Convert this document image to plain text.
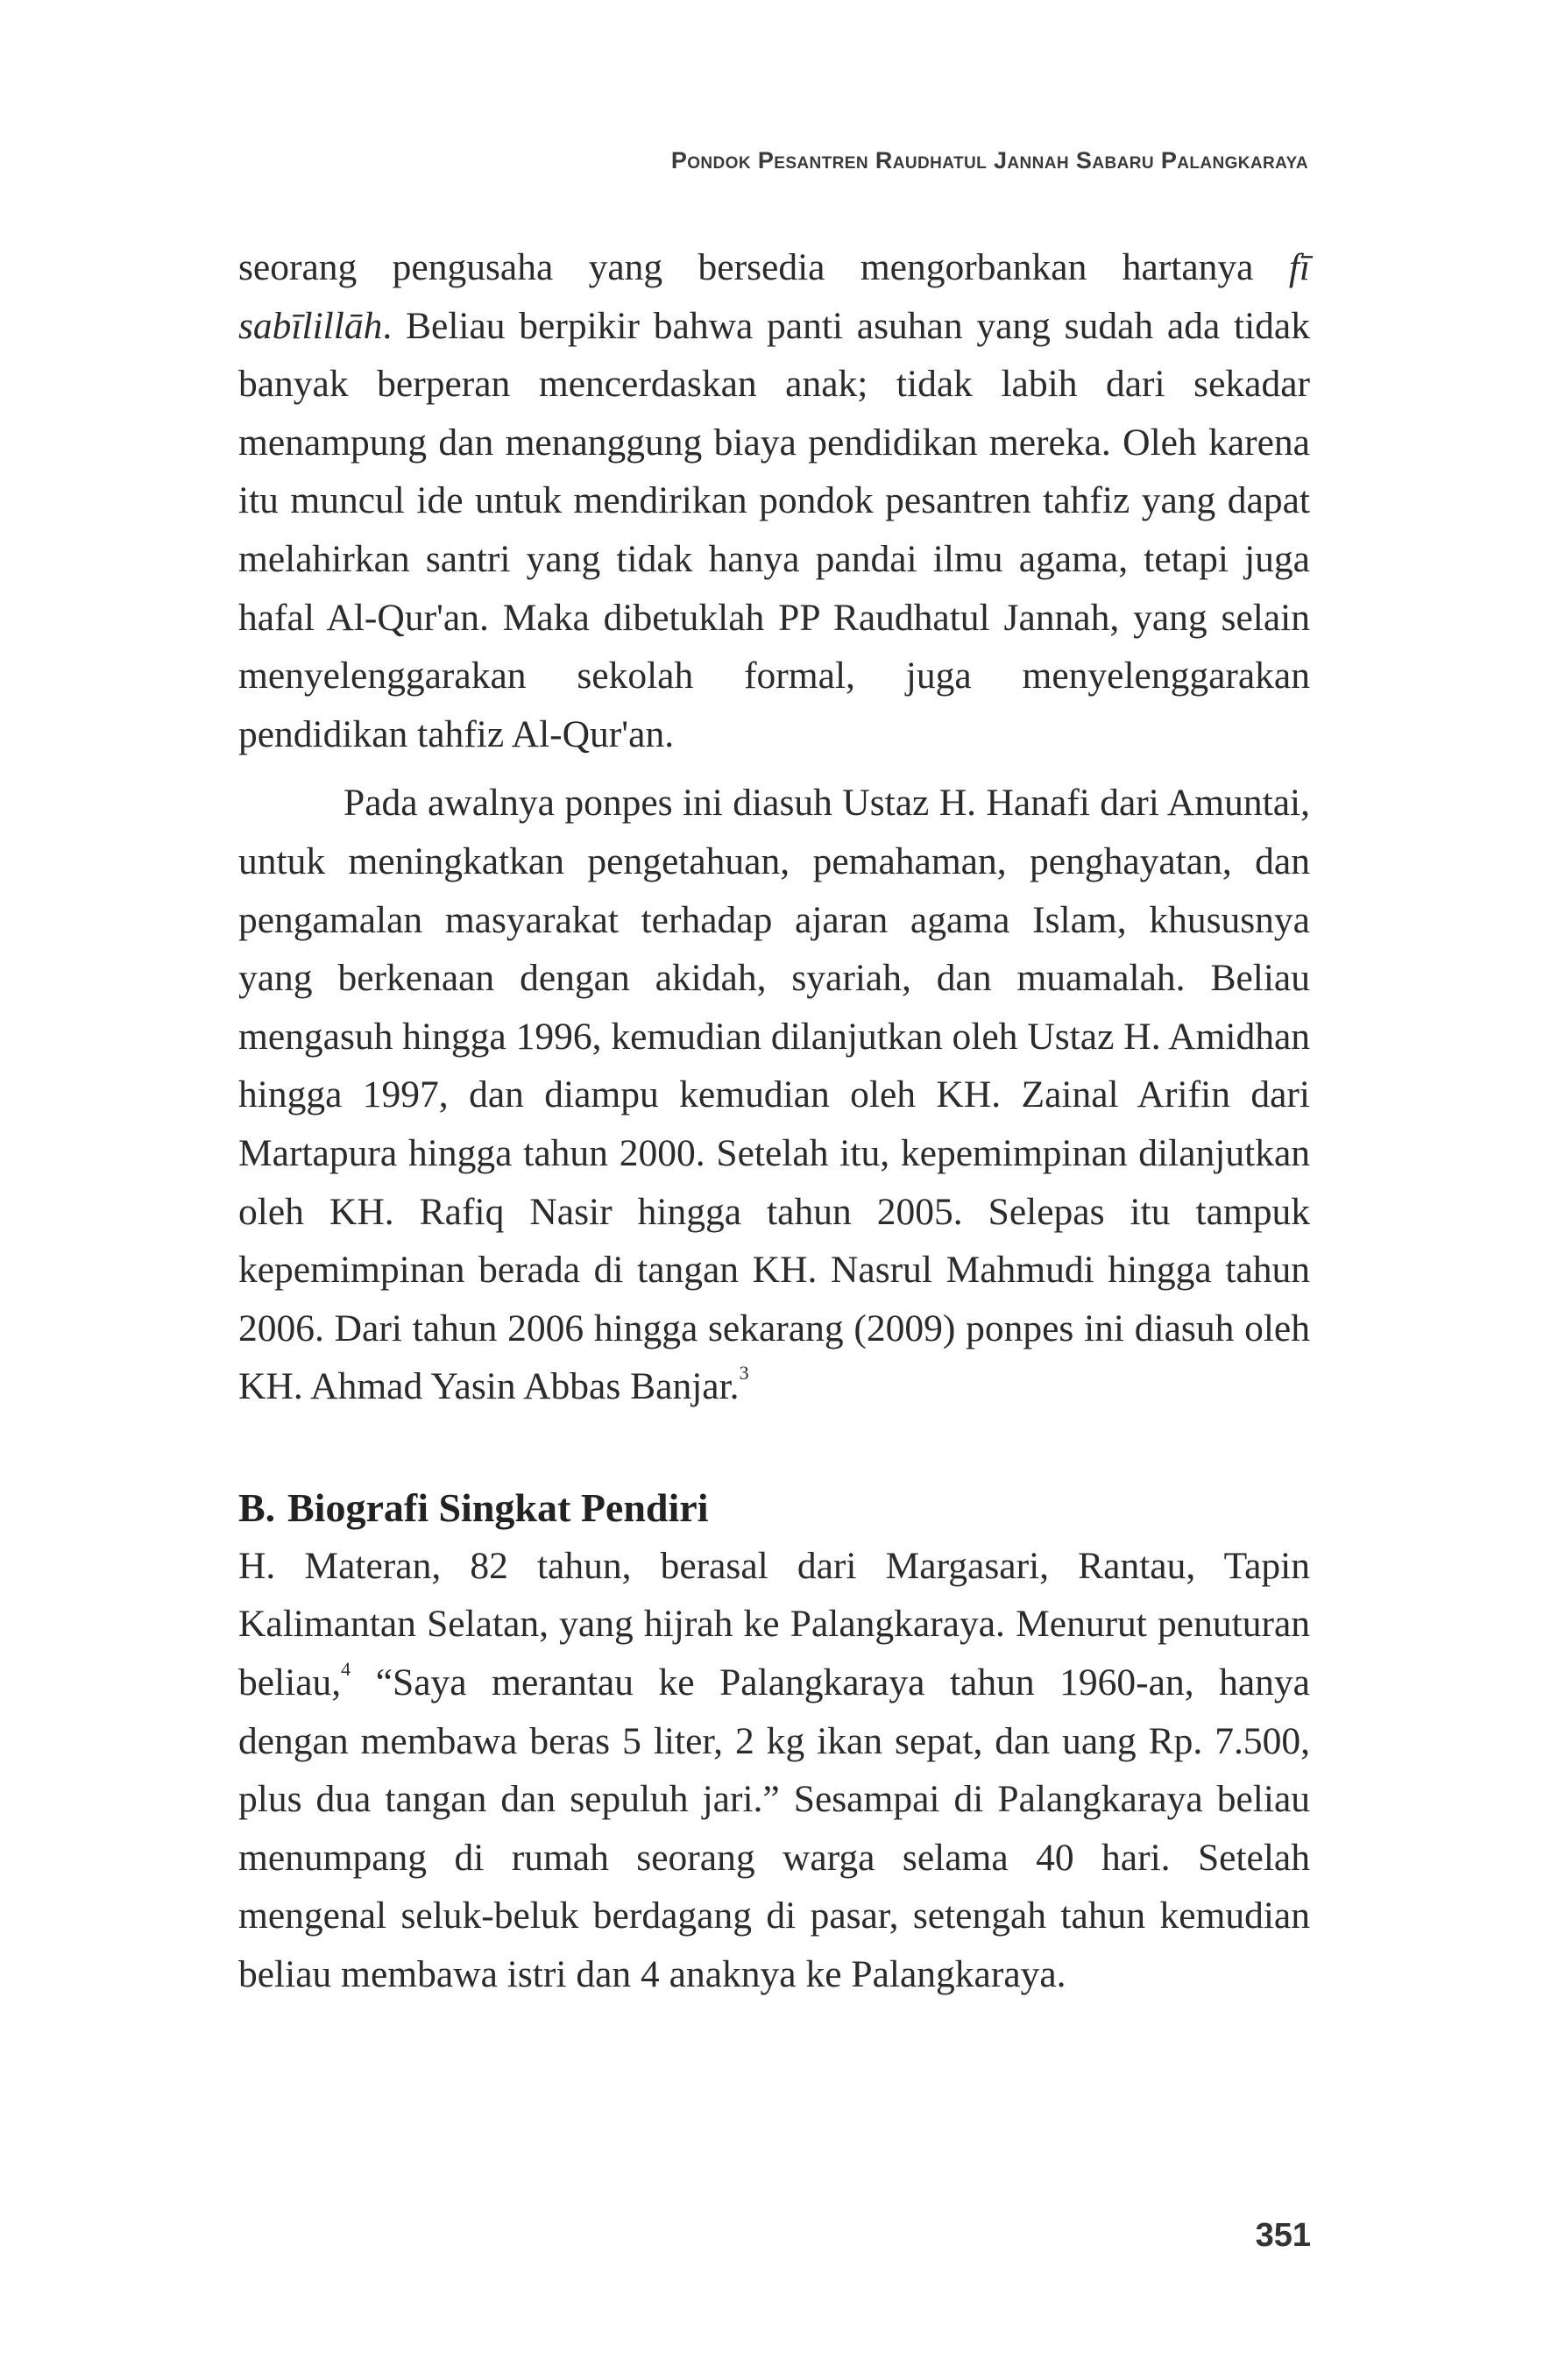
Pondok Pesantren Raudhatul Jannah Sabaru Palangkaraya

seorang pengusaha yang bersedia mengorbankan hartanya fī sabīlillāh. Beliau berpikir bahwa panti asuhan yang sudah ada tidak banyak berperan mencerdaskan anak; tidak labih dari sekadar menampung dan menanggung biaya pendidikan mereka. Oleh karena itu muncul ide untuk mendirikan pondok pesantren tahfiz yang dapat melahirkan santri yang tidak hanya pandai ilmu agama, tetapi juga hafal Al-Qur'an. Maka dibetuklah PP Raudhatul Jannah, yang selain menyelenggarakan sekolah formal, juga menyelenggarakan pendidikan tahfiz Al-Qur'an.

Pada awalnya ponpes ini diasuh Ustaz H. Hanafi dari Amuntai, untuk meningkatkan pengetahuan, pemahaman, penghayatan, dan pengamalan masyarakat terhadap ajaran agama Islam, khususnya yang berkenaan dengan akidah, syariah, dan muamalah. Beliau mengasuh hingga 1996, kemudian dilanjutkan oleh Ustaz H. Amidhan hingga 1997, dan diampu kemudian oleh KH. Zainal Arifin dari Martapura hingga tahun 2000. Setelah itu, kepemimpinan dilanjutkan oleh KH. Rafiq Nasir hingga tahun 2005. Selepas itu tampuk kepemimpinan berada di tangan KH. Nasrul Mahmudi hingga tahun 2006. Dari tahun 2006 hingga sekarang (2009) ponpes ini diasuh oleh KH. Ahmad Yasin Abbas Banjar.$^3$

B. Biografi Singkat Pendiri

H. Materan, 82 tahun, berasal dari Margasari, Rantau, Tapin Kalimantan Selatan, yang hijrah ke Palangkaraya. Menurut penuturan beliau,$^4$ “Saya merantau ke Palangkaraya tahun 1960-an, hanya dengan membawa beras 5 liter, 2 kg ikan sepat, dan uang Rp. 7.500, plus dua tangan dan sepuluh jari.” Sesampai di Palangkaraya beliau menumpang di rumah seorang warga selama 40 hari. Setelah mengenal seluk-beluk berdagang di pasar, setengah tahun kemudian beliau membawa istri dan 4 anaknya ke Palangkaraya.

351
